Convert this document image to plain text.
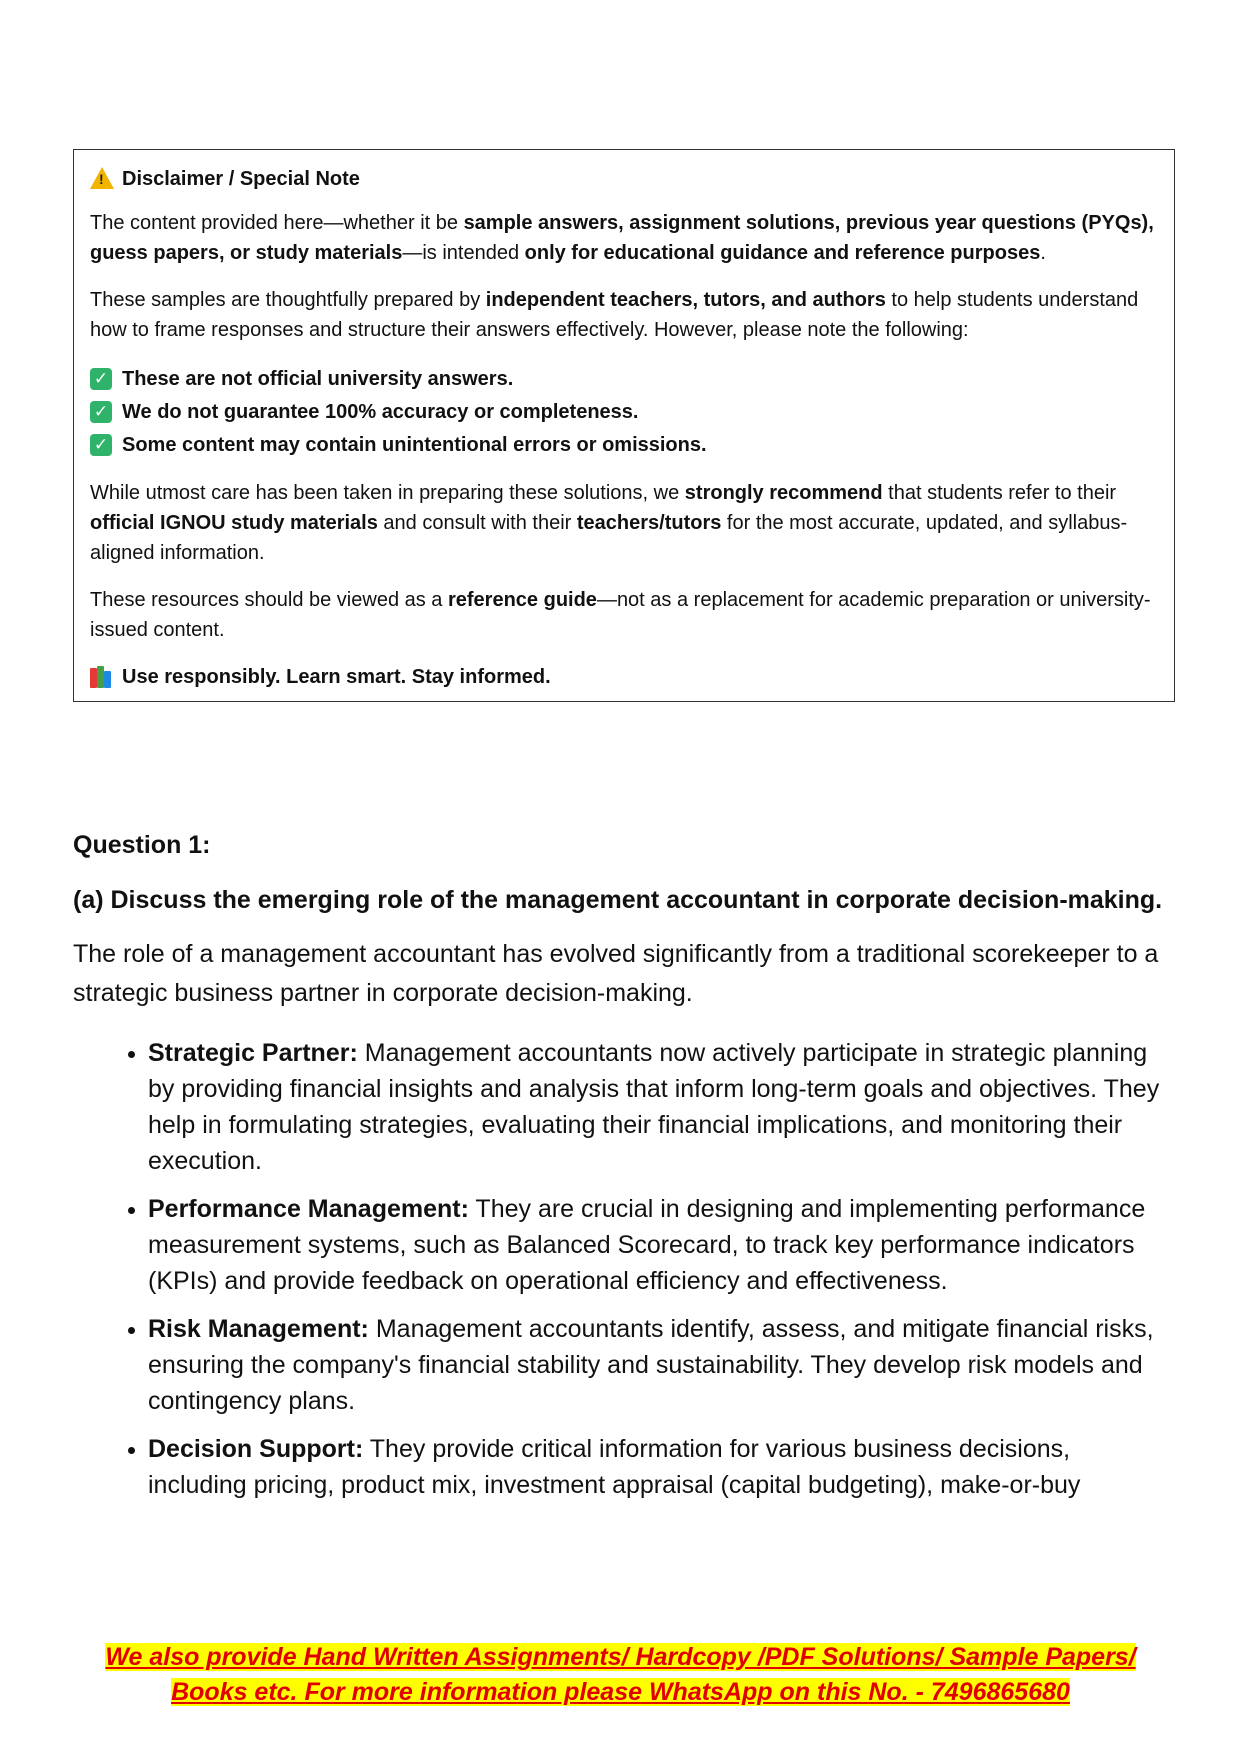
!
Disclaimer / Special Note

The content provided here—whether it be sample answers, assignment solutions, previous year questions (PYQs), guess papers, or study materials—is intended only for educational guidance and reference purposes.

These samples are thoughtfully prepared by independent teachers, tutors, and authors to help students understand how to frame responses and structure their answers effectively. However, please note the following:

✓ These are not official university answers.
✓ We do not guarantee 100% accuracy or completeness.
✓ Some content may contain unintentional errors or omissions.

While utmost care has been taken in preparing these solutions, we strongly recommend that students refer to their official IGNOU study materials and consult with their teachers/tutors for the most accurate, updated, and syllabus-aligned information.

These resources should be viewed as a reference guide—not as a replacement for academic preparation or university-issued content.

Use responsibly. Learn smart. Stay informed.

Question 1:

(a) Discuss the emerging role of the management accountant in corporate decision-making.

The role of a management accountant has evolved significantly from a traditional scorekeeper to a strategic business partner in corporate decision-making.

• Strategic Partner: Management accountants now actively participate in strategic planning by providing financial insights and analysis that inform long-term goals and objectives. They help in formulating strategies, evaluating their financial implications, and monitoring their execution.
• Performance Management: They are crucial in designing and implementing performance measurement systems, such as Balanced Scorecard, to track key performance indicators (KPIs) and provide feedback on operational efficiency and effectiveness.
• Risk Management: Management accountants identify, assess, and mitigate financial risks, ensuring the company's financial stability and sustainability. They develop risk models and contingency plans.
• Decision Support: They provide critical information for various business decisions, including pricing, product mix, investment appraisal (capital budgeting), make-or-buy
We also provide Hand Written Assignments/ Hardcopy /PDF Solutions/ Sample Papers/
Books etc. For more information please WhatsApp on this No. - 7496865680
